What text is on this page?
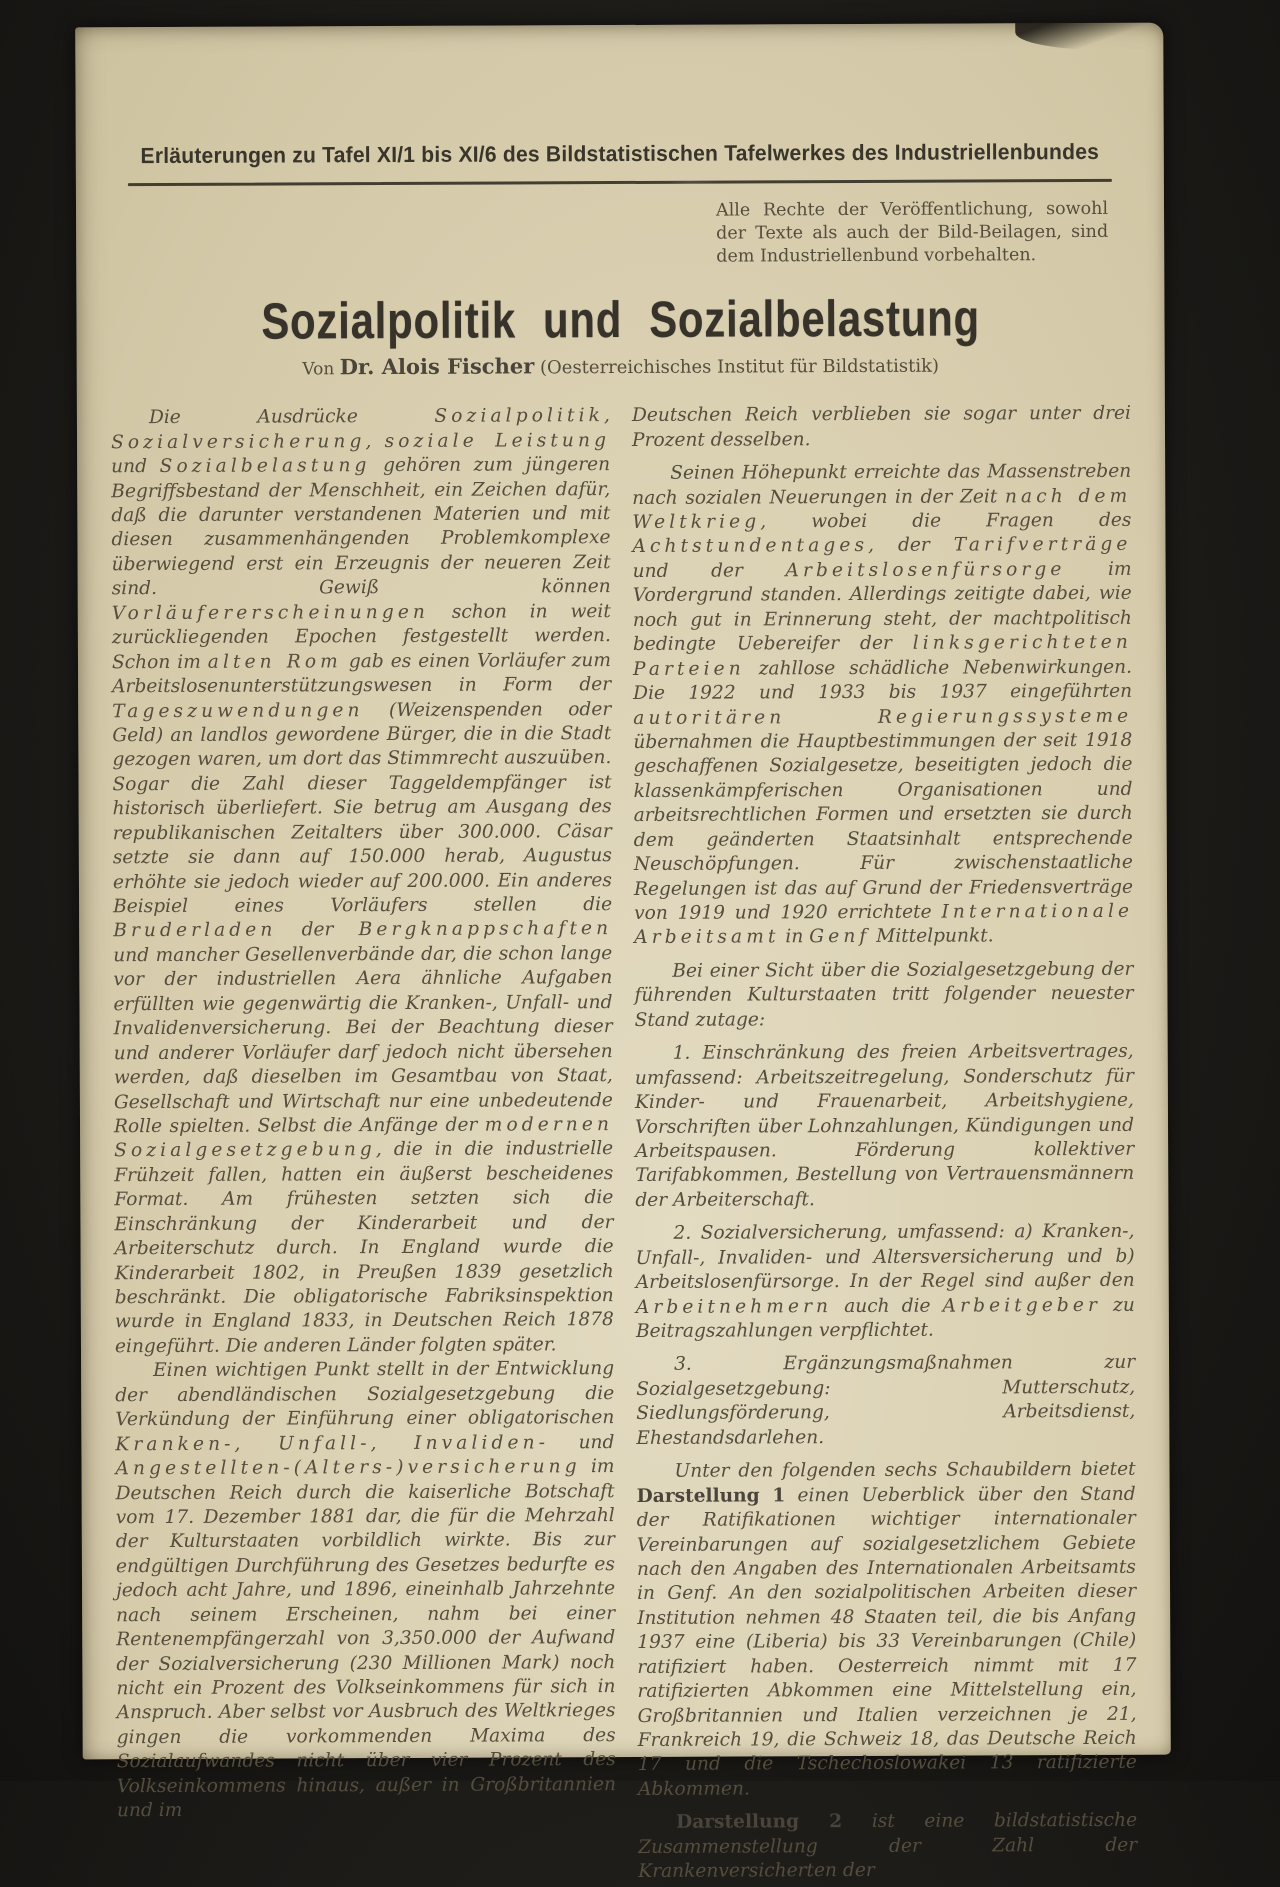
Erläuterungen zu Tafel XI/1 bis XI/6 des Bildstatistischen Tafelwerkes des Industriellenbundes
Alle Rechte der Veröffentlichung, sowohl der Texte als auch der Bild-Beilagen, sind dem Industriellenbund vorbehalten.
Sozialpolitik und Sozialbelastung
Von Dr. Alois Fischer (Oesterreichisches Institut für Bildstatistik)

Die Ausdrücke Sozialpolitik, Sozialversicherung, soziale Leistung und Sozialbelastung gehören zum jüngeren Begriffsbestand der Menschheit, ein Zeichen dafür, daß die darunter verstandenen Materien und mit diesen zusammenhängenden Problemkomplexe überwiegend erst ein Erzeugnis der neueren Zeit sind. Gewiß können Vorläufererscheinungen schon in weit zurückliegenden Epochen festgestellt werden. Schon im alten Rom gab es einen Vorläufer zum Arbeitslosenunterstützungswesen in Form der Tageszuwendungen (Weizenspenden oder Geld) an landlos gewordene Bürger, die in die Stadt gezogen waren, um dort das Stimmrecht auszuüben. Sogar die Zahl dieser Taggeldempfänger ist historisch überliefert. Sie betrug am Ausgang des republikanischen Zeitalters über 300.000. Cäsar setzte sie dann auf 150.000 herab, Augustus erhöhte sie jedoch wieder auf 200.000. Ein anderes Beispiel eines Vorläufers stellen die Bruderladen der Bergknappschaften und mancher Gesellenverbände dar, die schon lange vor der industriellen Aera ähnliche Aufgaben erfüllten wie gegenwärtig die Kranken-, Unfall- und Invalidenversicherung. Bei der Beachtung dieser und anderer Vorläufer darf jedoch nicht übersehen werden, daß dieselben im Gesamtbau von Staat, Gesellschaft und Wirtschaft nur eine unbedeutende Rolle spielten. Selbst die Anfänge der modernen Sozialgesetzgebung, die in die industrielle Frühzeit fallen, hatten ein äußerst bescheidenes Format. Am frühesten setzten sich die Einschränkung der Kinderarbeit und der Arbeiterschutz durch. In England wurde die Kinderarbeit 1802, in Preußen 1839 gesetzlich beschränkt. Die obligatorische Fabriksinspektion wurde in England 1833, in Deutschen Reich 1878 eingeführt. Die anderen Länder folgten später.

Einen wichtigen Punkt stellt in der Entwicklung der abendländischen Sozialgesetzgebung die Verkündung der Einführung einer obligatorischen Kranken-, Unfall-, Invaliden- und Angestellten-(Alters-)versicherung im Deutschen Reich durch die kaiserliche Botschaft vom 17. Dezember 1881 dar, die für die Mehrzahl der Kulturstaaten vorbildlich wirkte. Bis zur endgültigen Durchführung des Gesetzes bedurfte es jedoch acht Jahre, und 1896, eineinhalb Jahrzehnte nach seinem Erscheinen, nahm bei einer Rentenempfängerzahl von 3,350.000 der Aufwand der Sozialversicherung (230 Millionen Mark) noch nicht ein Prozent des Volkseinkommens für sich in Anspruch. Aber selbst vor Ausbruch des Weltkrieges gingen die vorkommenden Maxima des Sozialaufwandes nicht über vier Prozent des Volkseinkommens hinaus, außer in Großbritannien und im

Deutschen Reich verblieben sie sogar unter drei Prozent desselben.

Seinen Höhepunkt erreichte das Massenstreben nach sozialen Neuerungen in der Zeit nach dem Weltkrieg, wobei die Fragen des Achtstundentages, der Tarifverträge und der Arbeitslosenfürsorge im Vordergrund standen. Allerdings zeitigte dabei, wie noch gut in Erinnerung steht, der machtpolitisch bedingte Uebereifer der linksgerichteten Parteien zahllose schädliche Nebenwirkungen. Die 1922 und 1933 bis 1937 eingeführten autoritären Regierungssysteme übernahmen die Hauptbestimmungen der seit 1918 geschaffenen Sozialgesetze, beseitigten jedoch die klassenkämpferischen Organisationen und arbeitsrechtlichen Formen und ersetzten sie durch dem geänderten Staatsinhalt entsprechende Neuschöpfungen. Für zwischenstaatliche Regelungen ist das auf Grund der Friedensverträge von 1919 und 1920 errichtete Internationale Arbeitsamt in Genf Mittelpunkt.

Bei einer Sicht über die Sozialgesetzgebung der führenden Kulturstaaten tritt folgender neuester Stand zutage:

1. Einschränkung des freien Arbeitsvertrages, umfassend: Arbeitszeitregelung, Sonderschutz für Kinder- und Frauenarbeit, Arbeitshygiene, Vorschriften über Lohnzahlungen, Kündigungen und Arbeitspausen. Förderung kollektiver Tarifabkommen, Bestellung von Vertrauensmännern der Arbeiterschaft.

2. Sozialversicherung, umfassend: a) Kranken-, Unfall-, Invaliden- und Altersversicherung und b) Arbeitslosenfürsorge. In der Regel sind außer den Arbeitnehmern auch die Arbeitgeber zu Beitragszahlungen verpflichtet.

3. Ergänzungsmaßnahmen zur Sozialgesetzgebung: Mutterschutz, Siedlungsförderung, Arbeitsdienst, Ehestandsdarlehen.

Unter den folgenden sechs Schaubildern bietet Darstellung 1 einen Ueberblick über den Stand der Ratifikationen wichtiger internationaler Vereinbarungen auf sozialgesetzlichem Gebiete nach den Angaben des Internationalen Arbeitsamts in Genf. An den sozialpolitischen Arbeiten dieser Institution nehmen 48 Staaten teil, die bis Anfang 1937 eine (Liberia) bis 33 Vereinbarungen (Chile) ratifiziert haben. Oesterreich nimmt mit 17 ratifizierten Abkommen eine Mittelstellung ein, Großbritannien und Italien verzeichnen je 21, Frankreich 19, die Schweiz 18, das Deutsche Reich 17 und die Tschechoslowakei 13 ratifizierte Abkommen.

Darstellung 2 ist eine bildstatistische Zusammenstellung der Zahl der Krankenversicherten der
